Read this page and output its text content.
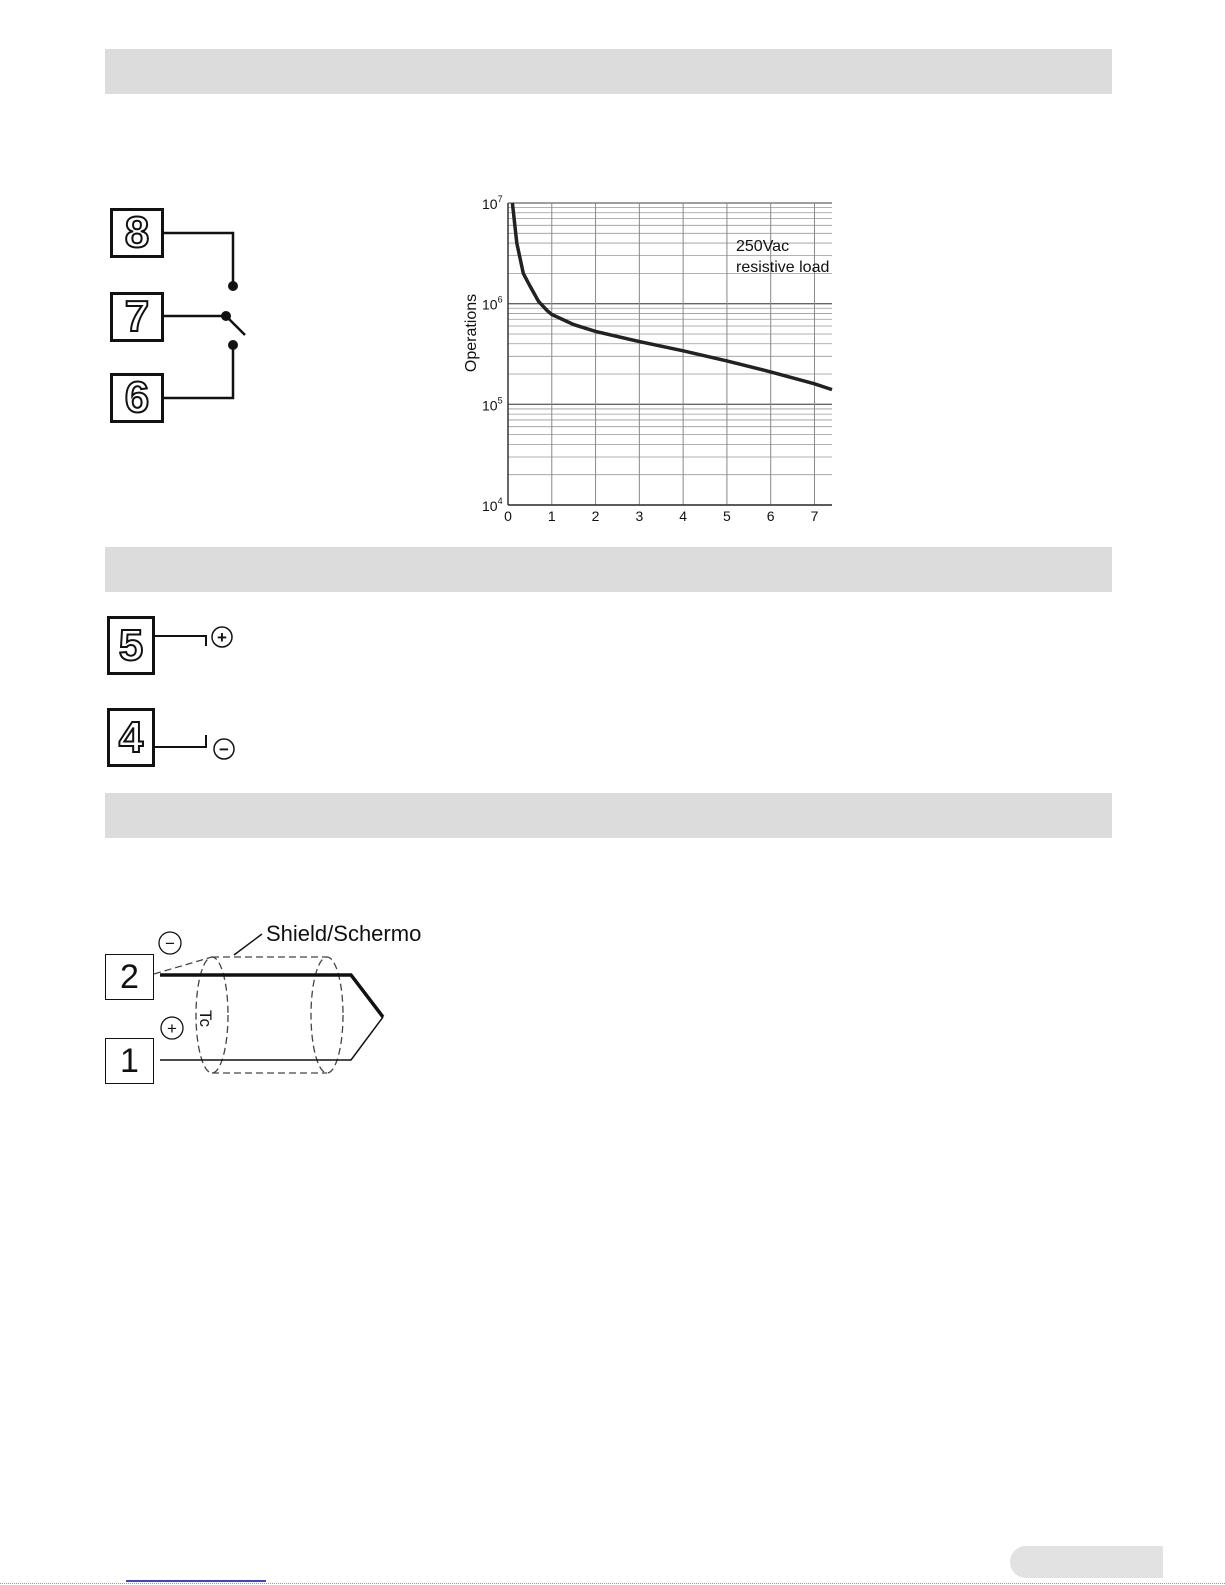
8
7
6
$10^4$
$10^5$
$10^6$
$10^7$
0	1	2	3	4	5	6	7
Operations
250Vac
resistive load
5
4
+
−
2
1
−
+
Shield/Schermo
Tc
